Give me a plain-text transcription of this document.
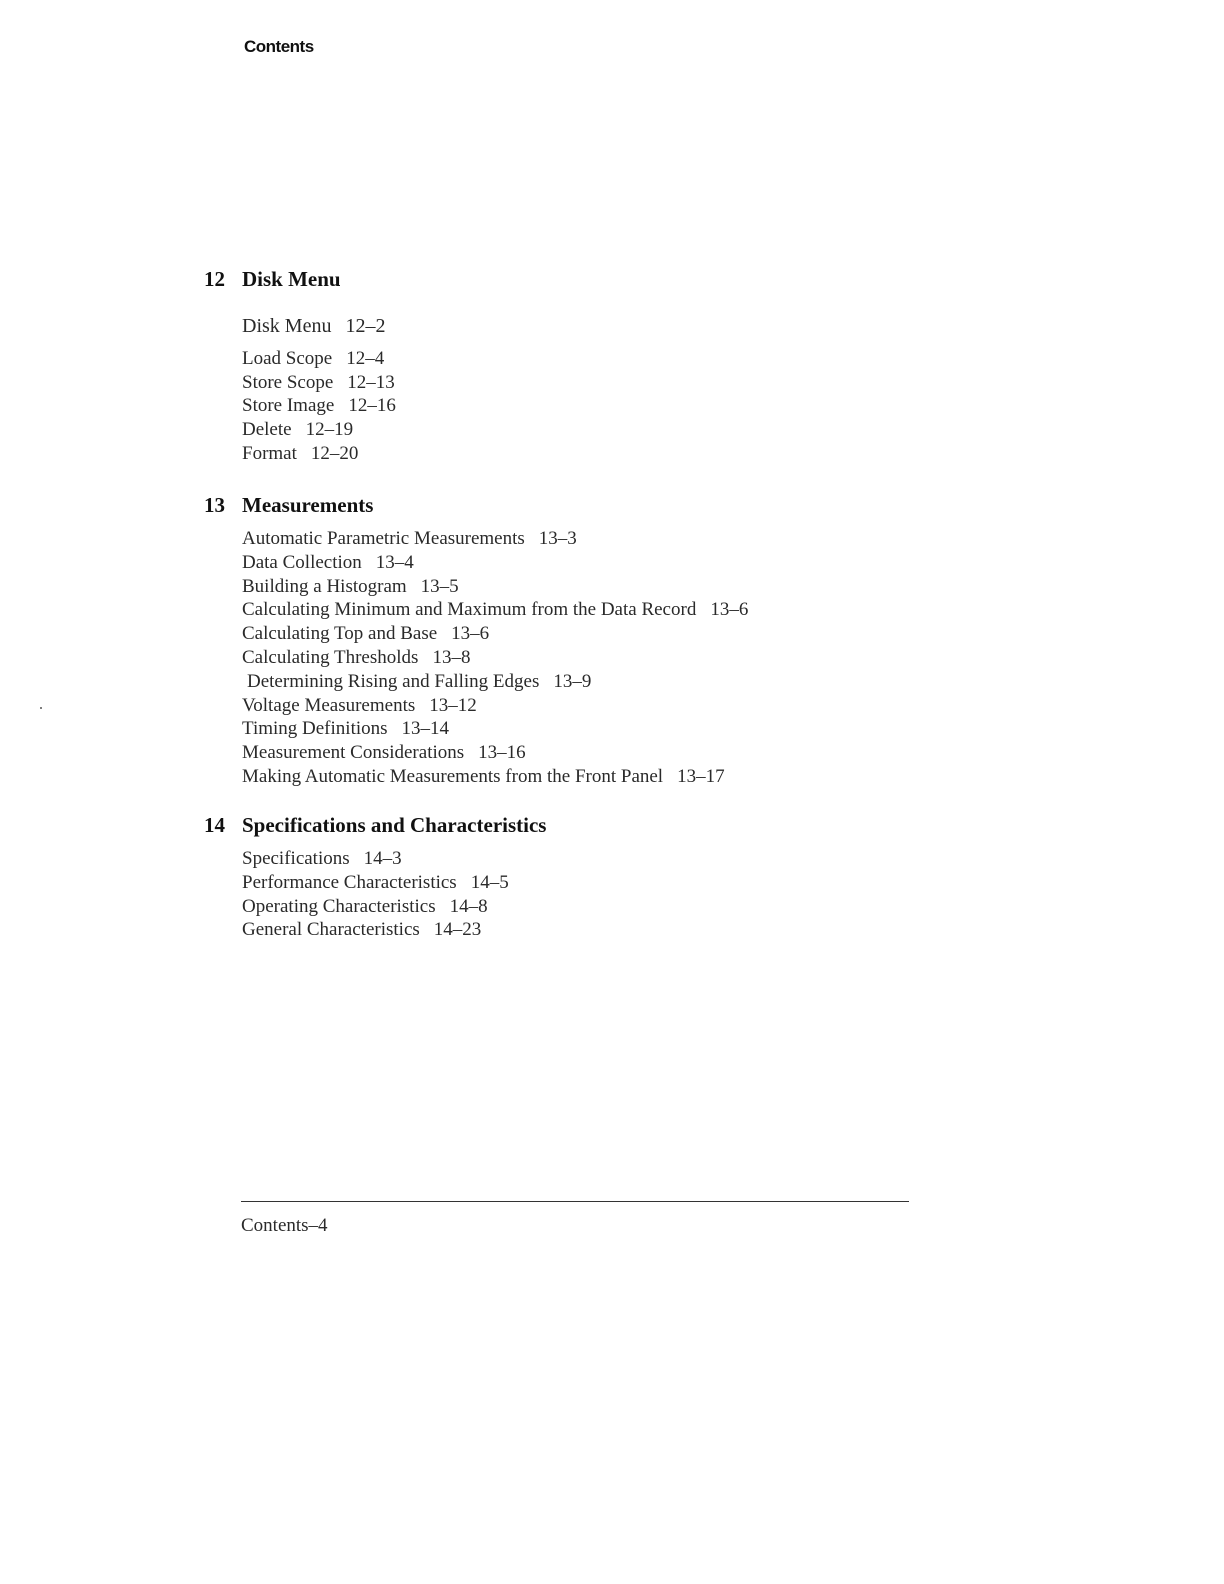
Contents
12 Disk Menu
Disk Menu 12–2
Load Scope 12–4
Store Scope 12–13
Store Image 12–16
Delete 12–19
Format 12–20
13 Measurements
Automatic Parametric Measurements 13–3
Data Collection 13–4
Building a Histogram 13–5
Calculating Minimum and Maximum from the Data Record 13–6
Calculating Top and Base 13–6
Calculating Thresholds 13–8
Determining Rising and Falling Edges 13–9
Voltage Measurements 13–12
Timing Definitions 13–14
Measurement Considerations 13–16
Making Automatic Measurements from the Front Panel 13–17
14 Specifications and Characteristics
Specifications 14–3
Performance Characteristics 14–5
Operating Characteristics 14–8
General Characteristics 14–23
Contents–4
